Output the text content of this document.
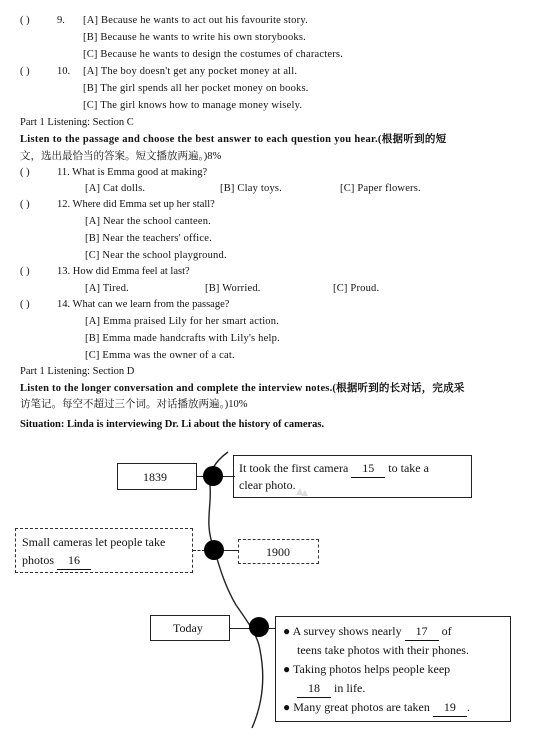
( )	9. [A] Because he wants to act out his favourite story.
[B] Because he wants to write his own storybooks.
[C] Because he wants to design the costumes of characters.
( )	10. [A] The boy doesn't get any pocket money at all.
[B] The girl spends all her pocket money on books.
[C] The girl knows how to manage money wisely.
Part 1 Listening: Section C
Listen to the passage and choose the best answer to each question you hear.(根据听到的短
文，选出最恰当的答案。短文播放两遍。)8%
( )	11. What is Emma good at making?
[A] Cat dolls.	[B] Clay toys.	[C] Paper flowers.
( )	12. Where did Emma set up her stall?
[A] Near the school canteen.
[B] Near the teachers' office.
[C] Near the school playground.
( )	13. How did Emma feel at last?
[A] Tired.	[B] Worried.	[C] Proud.
( )	14. What can we learn from the passage?
[A] Emma praised Lily for her smart action.
[B] Emma made handcrafts with Lily's help.
[C] Emma was the owner of a cat.
Part 1 Listening: Section D
Listen to the longer conversation and complete the interview notes.(根据听到的长对话，完成采
访笔记。每空不超过三个词。对话播放两遍。)10%
Situation: Linda is interviewing Dr. Li about the history of cameras.
1839
It took the first camera 15 to take a
clear photo.
Small cameras let people take
photos 16
1900
Today	● A survey shows nearly 17 of
teens take photos with their phones.
● Taking photos helps people keep
18 in life.
● Many great photos are taken 19 .
